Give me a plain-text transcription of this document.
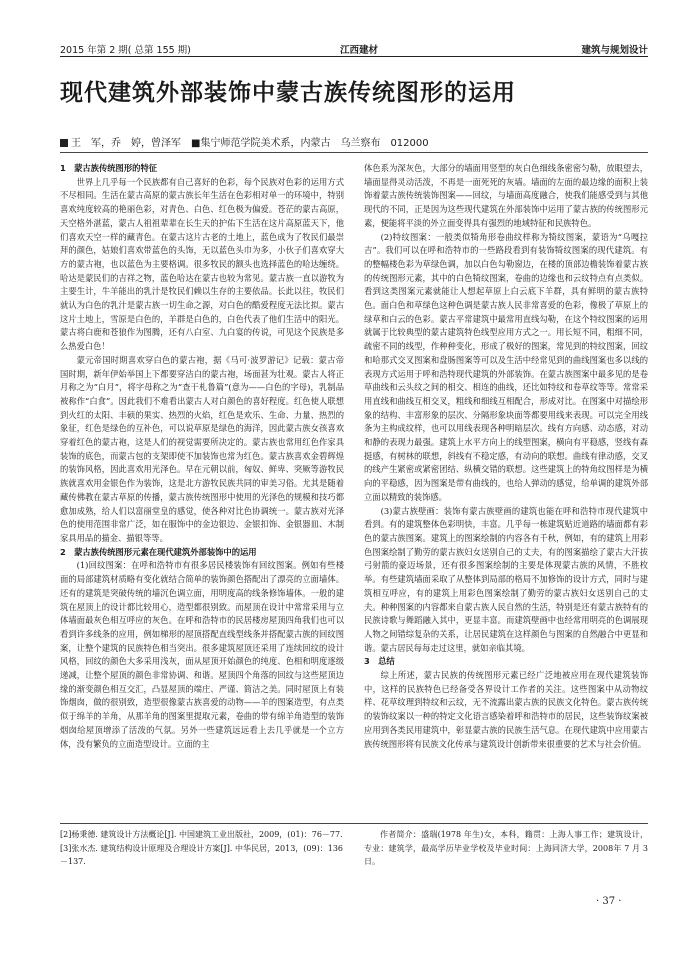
2015 年第 2 期( 总第 155 期)	江西建材	建筑与规划设计
现代建筑外部装饰中蒙古族传统图形的运用
王　军，乔　婷，曾泽军　■集宁师范学院美术系，内蒙古　乌兰察布　012000
1　蒙古族传统图形的特征

世界上几乎每一个民族都有自己喜好的色彩，每个民族对色彩的运用方式不尽相同。生活在蒙古高原的蒙古族长年生活在色彩相对单一的环境中，特别喜欢纯度较高的艳丽色彩，对青色、白色、红色极为偏爱。苍茫的蒙古高原，天空格外湛蓝，蒙古人祖祖辈辈在长生天的护佑下生活在这片高原蓝天下，他们喜欢天空一样的藏青色。在蒙古这片古老的土地上，蓝色成为了牧民们最崇拜的颜色，姑娘们喜欢带蓝色的头饰，无以蓝色头巾为多，小伙子们喜欢穿大方的蒙古袍，也以蓝色为主要格调。很多牧民的额头也选择蓝色的哈达缠绕。哈达是蒙民们的吉祥之物，蓝色哈达在蒙古也较为常见。蒙古族一直以游牧为主要生计，牛羊能出的乳汁是牧民们赖以生存的主要依品。长此以往，牧民们就认为白色的乳汁是蒙古族一切生命之源，对白色的酷爱程度无法比拟。蒙古这片土地上，雪原是白色的，羊群是白色的，白色代表了他们生活中的阳光。蒙古将白鹿和苍狼作为图腾，还有八白室、九白宴的传说，可见这个民族是多么热爱白色！

蒙元帝国时期喜欢穿白色的蒙古袍，据《马可·波罗游记》记载：蒙古帝国时期，新年伊始举国上下都要穿洁白的蒙古袍，场面甚为壮观。蒙古人将正月称之为“白月”，将字母称之为“查干札鲁篇”(意为——白色的字母)，乳制品被称作“白食”。因此我们不难看出蒙古人对白颜色的喜好程度。红色使人联想到火红的太阳、丰硕的果实、热烈的火焰，红色是欢乐、生命、力量、热烈的象征，红色是绿色的互补色，可以说草原是绿色的海洋，因此蒙古族女孩喜欢穿着红色的蒙古袍，这是人们的视觉需要所决定的。蒙古族也常用红色作家具装饰的底色，而蒙古包的支架即使不加装饰也常为红色。蒙古族喜欢金碧辉煌的装饰风格，因此喜欢用光泽色。早在元朝以前，匈奴、鲜卑、突厥等游牧民族就喜欢用金银色作为装饰，这是北方游牧民族共同的审美习俗。尤其是随着藏传佛教在蒙古草原的传播，蒙古族传统图形中使用的光泽色的规模和技巧都愈加成熟，给人们以富丽堂皇的感觉，使各种对比色协调统一。蒙古族对光泽色的使用范围非常广泛，如在服饰中的金边银边、金银扣饰、金银器皿、木制家具用品的描金、描银等等。

2　蒙古族传统图形元素在现代建筑外部装饰中的运用

(1)回纹图案：在呼和浩特市有很多居民楼装饰有回纹图案。例如有些楼面的局部建筑材质略有变化就结合简单的装饰颜色搭配出了漂亮的立面墙体。还有的建筑是突破传统的墙沉色调立面，用明度高的线条修饰墙体。一般的建筑在屋顶上的设计都比较用心，造型都很别致。而屋顶在设计中常常采用与立体墙面最灰色相互呼应的灰色。在呼和浩特市的民居楼房屋顶四角我们也可以看到许多线条的应用，例如梯形的屋顶搭配直线型线条并搭配蒙古族的回纹图案，让整个建筑的民族特色相当突出。很多建筑屋顶还采用了连续回纹的设计风格，回纹的颜色大多采用浅灰，面从屋顶开始颜色的纯度、色相和明度逐级递减，让整个屋顶的颜色非常协调、和谐。屋顶四个角落的回纹与这些屋顶边缘的渐变颜色相互交汇，凸显屋顶的端庄、严谨、简洁之美。同时屋顶上有装饰烟囱，做的很别致，造型很像蒙古族喜爱的动物——羊的图案造型，有点类似于绵羊的羊角，从那羊角的图案里提取元素，卷曲的带有绵羊角造型的装饰烟囱给屋顶增添了活泼的气氛。另外一些建筑远远看上去几乎就是一个立方体，没有繁负的立面造型设计。立面的主

体色系为深灰色，大部分的墙面用竖型的灰白色细线条密密匀勒，放眼望去，墙面显得灵动活泼，不再是一面死死的灰墙。墙面的左面的最边缘的面积上装饰着蒙古族传统装饰图案——回纹，与墙面高度融合，使我们能感受到与其他现代的不同，正是因为这些现代建筑在外部装饰中运用了蒙古族的传统图形元素，便能将平淡的外立面变得具有强烈的地域特征和民族特色。

(2)特纹图案：一般类似犄角形卷曲纹样称为犄纹图案，蒙语为“乌嘎拉吉”。我们可以在呼和浩特市的一些路段看到有装饰犄纹图案的现代建筑。有的整幅楼色彩为草绿色调，加以白色勾勒窗边，在楼的顶部边檐装饰着蒙古族的传统图形元素，其中的白色犄纹图案，卷曲的边缘也和云纹特点有点类似。看到这类图案元素就能让人想起草原上白云底下羊群，具有鲜明的蒙古族特色。面白色和草绿色这种色调是蒙古族人民非常喜爱的色彩，像极了草原上的绿草和白云的色彩。蒙古平常建筑中最常用直线勾勒，在这个特纹图案的运用就属于比较典型的蒙古建筑特色线型应用方式之一。用长短不同，粗细不同，疏密不同的线型，作种种变化，形成了极好的图案，常见到的特纹图案，回纹和哈那式交叉图案和盘肠图案等可以及生活中经常见到的曲线图案也多以线的表现方式运用于呼和浩特现代建筑的外部装饰。在蒙古族图案中最多见的是卷草曲线和云头纹之间的相交、相连的曲线，还比如特纹和卷草纹等等。常常采用直线和曲线互相交叉，粗线和细线互相配合，形成对比。在图案中对描绘形象的结构、丰富形象的层次、分隔形象块面等都要用线来表现。可以完全用线条为主构成纹样，也可以用线表现各种明暗层次。线有方向感、动态感，对动和静的表现力最强。建筑上水平方向上的线型图案，横向有平稳感，竖线有森挺感，有树林的联想，斜线有不稳定感，有动向的联想。曲线有律动感，交叉的线产生紧密或紧密团结、纵横交错的联想。这些建筑上的特角纹图样是为横向的平稳感，因为图案是带有曲线的，也给人弹动的感觉，给单调的建筑外部立面以精致的装饰感。

(3)蒙古族壁画：装饰有蒙古族壁画的建筑也能在呼和浩特市现代建筑中看到。有的建筑整体色彩明快，丰富。几乎每一栋建筑贴近道路的墙面都有彩色的蒙古族图案。建筑上的图案绘制的内容各有千秋，例如，有的建筑上用彩色图案绘制了勤劳的蒙古族妇女送别自己的丈夫，有的图案描绘了蒙古大汗拔弓射箭的豪迈场景，还有很多图案绘制的主要是体现蒙古族的风情，不胜枚举。有些建筑墙面采取了从整体到局部的格局不加修饰的设计方式，同时与建筑相互呼应，有的建筑上用彩色图案绘制了勤劳的蒙古族妇女送别自己的丈夫。种种图案的内容都来自蒙古族人民自然的生活，特别是还有蒙古族特有的民族诗歌与舞蹈融入其中，更显丰富。而建筑壁画中也经常用明亮的色调展现人物之间错综复杂的关系，让居民建筑在这样颜色与图案的自然融合中更显和谐。蒙古居民每每走过这里，就如亲临其境。

3　总结

综上所述，蒙古民族的传统图形元素已经广泛地被应用在现代建筑装饰中，这样的民族特色已经备受各界设计工作者的关注。这些图案中从动物纹样、花草纹理到特纹和云纹，无不流露出蒙古族的民族文化特色。蒙古族传统的装饰纹案以一种的特定文化语言感染着呼和浩特市的居民，这些装饰纹案被应用到各类民用建筑中，彰显蒙古族的民族生活气息。在现代建筑中应用蒙古族传统图形将有民族文化传承与建筑设计创新带来很重要的艺术与社会价值。

[2]杨秉德. 建筑设计方法概论[J]. 中国建筑工业出版社，2009，(01)：76－77.
[3]张水杰. 建筑结构设计原理及合理设计方案[J]. 中华民居，2013，(09)：136－137.
作者简介：盛瑞(1978 年生)女，本科，籍贯：上海人事工作；建筑设计，专业：建筑学，最高学历毕业学校及毕业时间：上海同济大学，2008年 7 月 3 日。
· 37 ·
